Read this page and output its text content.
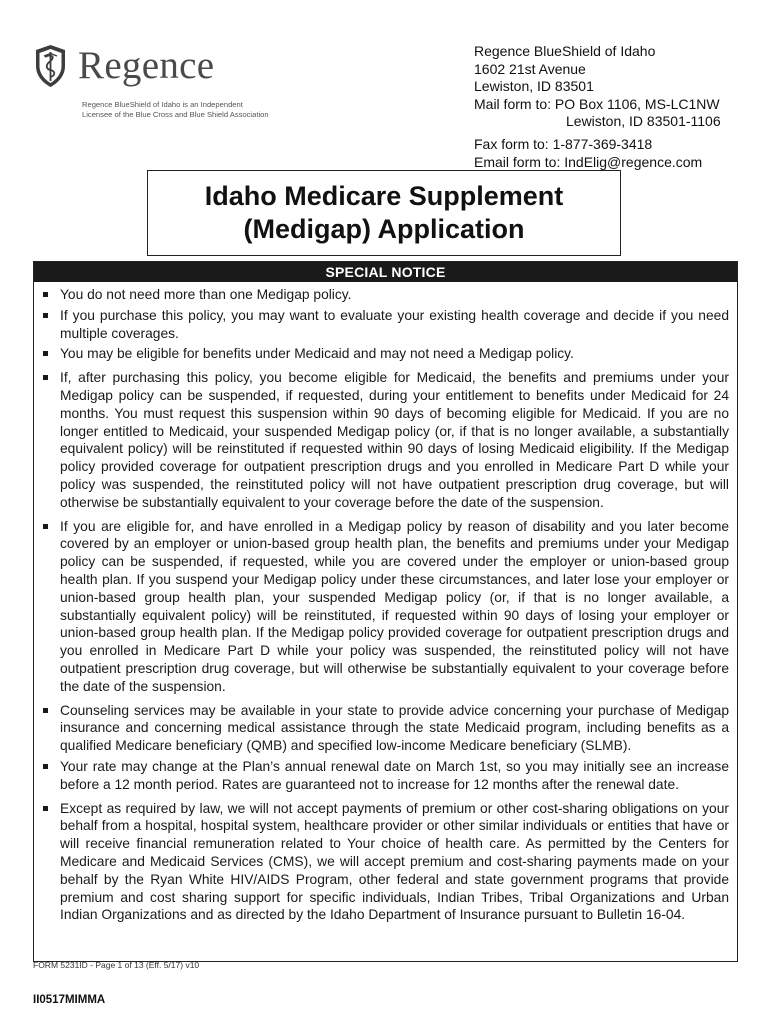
Regence
Regence BlueShield of Idaho is an Independent
Licensee of the Blue Cross and Blue Shield Association
Regence BlueShield of Idaho
1602 21st Avenue
Lewiston, ID 83501
Mail form to: PO Box 1106, MS-LC1NW
Lewiston, ID 83501-1106
Fax form to: 1-877-369-3418
Email form to: IndElig@regence.com
Idaho Medicare Supplement
(Medigap) Application
SPECIAL NOTICE
You do not need more than one Medigap policy.
If you purchase this policy, you may want to evaluate your existing health coverage and decide if you need multiple coverages.
You may be eligible for benefits under Medicaid and may not need a Medigap policy.
If, after purchasing this policy, you become eligible for Medicaid, the benefits and premiums under your Medigap policy can be suspended, if requested, during your entitlement to benefits under Medicaid for 24 months. You must request this suspension within 90 days of becoming eligible for Medicaid. If you are no longer entitled to Medicaid, your suspended Medigap policy (or, if that is no longer available, a substantially equivalent policy) will be reinstituted if requested within 90 days of losing Medicaid eligibility. If the Medigap policy provided coverage for outpatient prescription drugs and you enrolled in Medicare Part D while your policy was suspended, the reinstituted policy will not have outpatient prescription drug coverage, but will otherwise be substantially equivalent to your coverage before the date of the suspension.
If you are eligible for, and have enrolled in a Medigap policy by reason of disability and you later become covered by an employer or union-based group health plan, the benefits and premiums under your Medigap policy can be suspended, if requested, while you are covered under the employer or union-based group health plan. If you suspend your Medigap policy under these circumstances, and later lose your employer or union-based group health plan, your suspended Medigap policy (or, if that is no longer available, a substantially equivalent policy) will be reinstituted, if requested within 90 days of losing your employer or union-based group health plan. If the Medigap policy provided coverage for outpatient prescription drugs and you enrolled in Medicare Part D while your policy was suspended, the reinstituted policy will not have outpatient prescription drug coverage, but will otherwise be substantially equivalent to your coverage before the date of the suspension.
Counseling services may be available in your state to provide advice concerning your purchase of Medigap insurance and concerning medical assistance through the state Medicaid program, including benefits as a qualified Medicare beneficiary (QMB) and specified low-income Medicare beneficiary (SLMB).
Your rate may change at the Plan’s annual renewal date on March 1st, so you may initially see an increase before a 12 month period. Rates are guaranteed not to increase for 12 months after the renewal date.
Except as required by law, we will not accept payments of premium or other cost-sharing obligations on your behalf from a hospital, hospital system, healthcare provider or other similar individuals or entities that have or will receive financial remuneration related to Your choice of health care. As permitted by the Centers for Medicare and Medicaid Services (CMS), we will accept premium and cost-sharing payments made on your behalf by the Ryan White HIV/AIDS Program, other federal and state government programs that provide premium and cost sharing support for specific individuals, Indian Tribes, Tribal Organizations and Urban Indian Organizations and as directed by the Idaho Department of Insurance pursuant to Bulletin 16-04.
FORM 5231ID - Page 1 of 13 (Eff. 5/17) v10
II0517MIMMA
